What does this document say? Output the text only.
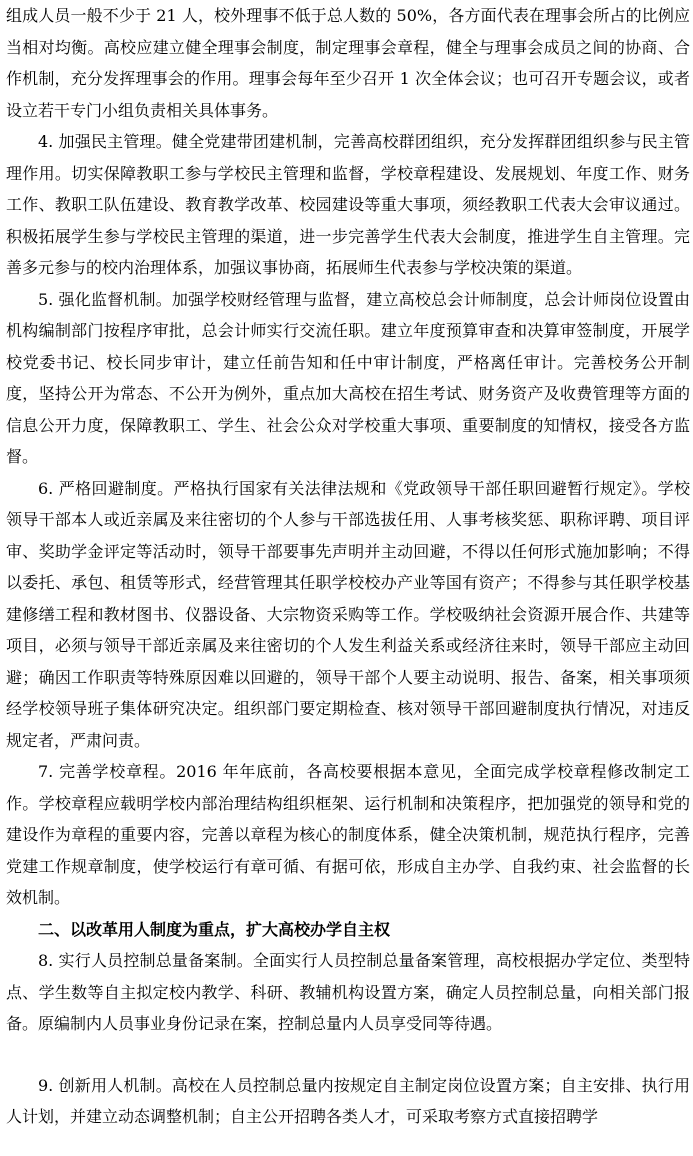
组成人员一般不少于 21 人，校外理事不低于总人数的 50%，各方面代表在理事会所占的比例应当相对均衡。高校应建立健全理事会制度，制定理事会章程，健全与理事会成员之间的协商、合作机制，充分发挥理事会的作用。理事会每年至少召开 1 次全体会议；也可召开专题会议，或者设立若干专门小组负责相关具体事务。

4. 加强民主管理。健全党建带团建机制，完善高校群团组织，充分发挥群团组织参与民主管理作用。切实保障教职工参与学校民主管理和监督，学校章程建设、发展规划、年度工作、财务工作、教职工队伍建设、教育教学改革、校园建设等重大事项，须经教职工代表大会审议通过。积极拓展学生参与学校民主管理的渠道，进一步完善学生代表大会制度，推进学生自主管理。完善多元参与的校内治理体系，加强议事协商，拓展师生代表参与学校决策的渠道。

5. 强化监督机制。加强学校财经管理与监督，建立高校总会计师制度，总会计师岗位设置由机构编制部门按程序审批，总会计师实行交流任职。建立年度预算审查和决算审签制度，开展学校党委书记、校长同步审计，建立任前告知和任中审计制度，严格离任审计。完善校务公开制度，坚持公开为常态、不公开为例外，重点加大高校在招生考试、财务资产及收费管理等方面的信息公开力度，保障教职工、学生、社会公众对学校重大事项、重要制度的知情权，接受各方监督。

6. 严格回避制度。严格执行国家有关法律法规和《党政领导干部任职回避暂行规定》。学校领导干部本人或近亲属及来往密切的个人参与干部选拔任用、人事考核奖惩、职称评聘、项目评审、奖助学金评定等活动时，领导干部要事先声明并主动回避，不得以任何形式施加影响；不得以委托、承包、租赁等形式，经营管理其任职学校校办产业等国有资产；不得参与其任职学校基建修缮工程和教材图书、仪器设备、大宗物资采购等工作。学校吸纳社会资源开展合作、共建等项目，必须与领导干部近亲属及来往密切的个人发生利益关系或经济往来时，领导干部应主动回避；确因工作职责等特殊原因难以回避的，领导干部个人要主动说明、报告、备案，相关事项须经学校领导班子集体研究决定。组织部门要定期检查、核对领导干部回避制度执行情况，对违反规定者，严肃问责。

7. 完善学校章程。2016 年年底前，各高校要根据本意见，全面完成学校章程修改制定工作。学校章程应载明学校内部治理结构组织框架、运行机制和决策程序，把加强党的领导和党的建设作为章程的重要内容，完善以章程为核心的制度体系，健全决策机制，规范执行程序，完善党建工作规章制度，使学校运行有章可循、有据可依，形成自主办学、自我约束、社会监督的长效机制。

二、以改革用人制度为重点，扩大高校办学自主权

8. 实行人员控制总量备案制。全面实行人员控制总量备案管理，高校根据办学定位、类型特点、学生数等自主拟定校内教学、科研、教辅机构设置方案，确定人员控制总量，向相关部门报备。原编制内人员事业身份记录在案，控制总量内人员享受同等待遇。

9. 创新用人机制。高校在人员控制总量内按规定自主制定岗位设置方案；自主安排、执行用人计划，并建立动态调整机制；自主公开招聘各类人才，可采取考察方式直接招聘学
